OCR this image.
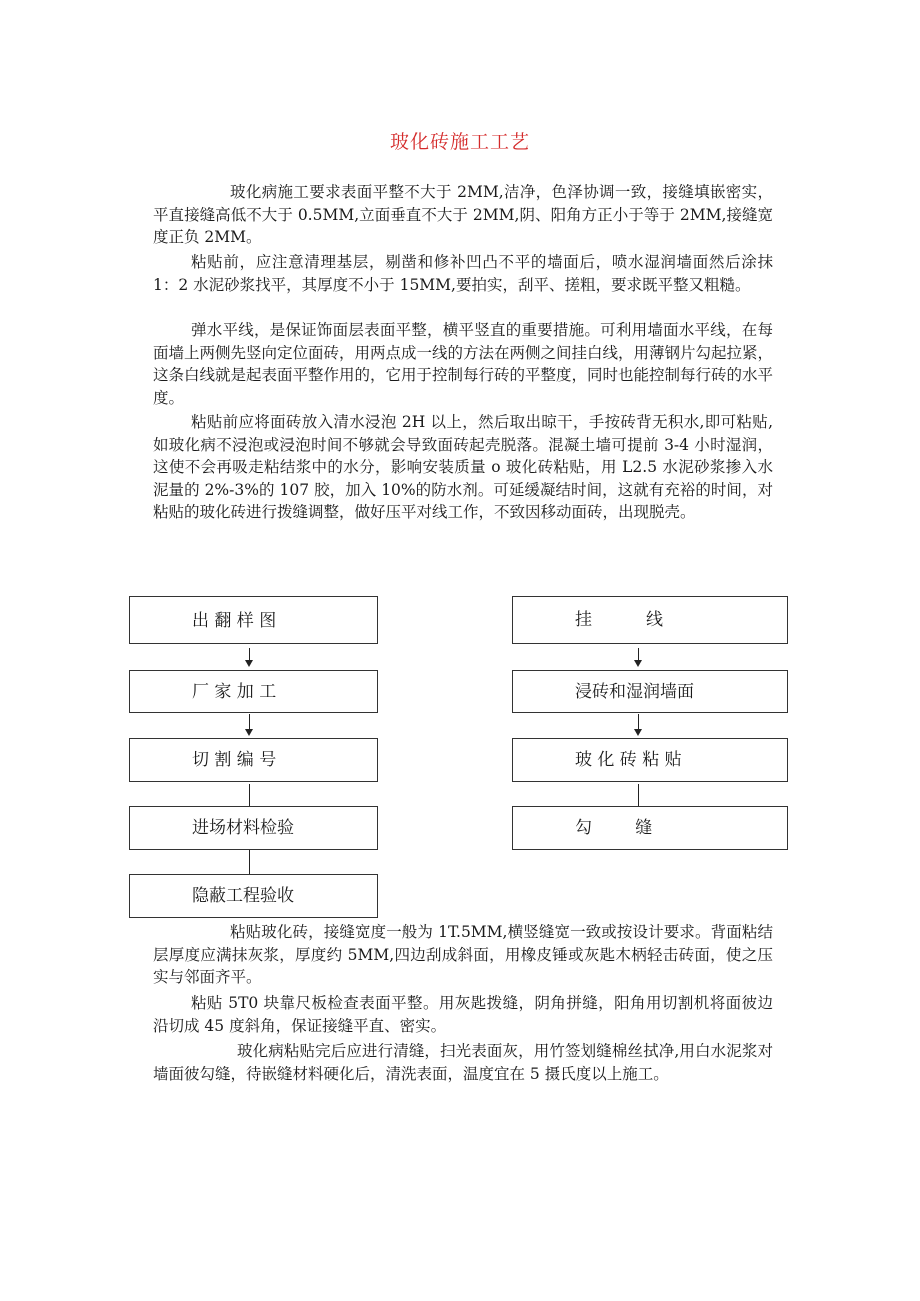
玻化砖施工工艺

玻化病施工要求表面平整不大于 2MM,洁净，色泽协调一致，接缝填嵌密实，平直接缝高低不大于 0.5MM,立面垂直不大于 2MM,阴、阳角方正小于等于 2MM,接缝宽度正负 2MM。

粘贴前，应注意清理基层，剔凿和修补凹凸不平的墙面后，喷水湿润墙面然后涂抹 1：2 水泥砂浆找平，其厚度不小于 15MM,要拍实，刮平、搓粗，要求既平整又粗糙。

弹水平线，是保证饰面层表面平整，横平竖直的重要措施。可利用墙面水平线，在每面墙上两侧先竖向定位面砖，用两点成一线的方法在两侧之间挂白线，用薄钢片勾起拉紧，这条白线就是起表面平整作用的，它用于控制每行砖的平整度，同时也能控制每行砖的水平度。

粘贴前应将面砖放入清水浸泡 2H 以上，然后取出晾干，手按砖背无积水,即可粘贴,如玻化病不浸泡或浸泡时间不够就会导致面砖起壳脱落。混凝土墙可提前 3-4 小时湿润，这使不会再吸走粘结浆中的水分，影响安装质量 o 玻化砖粘贴，用 L2.5 水泥砂浆掺入水泥量的 2%-3%的 107 胶，加入 10%的防水剂。可延缓凝结时间，这就有充裕的时间，对粘贴的玻化砖进行拨缝调整，做好压平对线工作，不致因移动面砖，出现脱壳。

出 翻 样 图
厂 家 加 工
切 割 编 号
进场材料检验
隐蔽工程验收
挂          线
浸砖和湿润墙面
玻 化 砖 粘 贴
勾        缝

粘贴玻化砖，接缝宽度一般为 1T.5MM,横竖缝宽一致或按设计要求。背面粘结层厚度应满抹灰浆，厚度约 5MM,四边刮成斜面，用橡皮锤或灰匙木柄轻击砖面，使之压实与邻面齐平。

粘贴 5T0 块靠尺板检查表面平整。用灰匙拨缝，阴角拼缝，阳角用切割机将面彼边沿切成 45 度斜角，保证接缝平直、密实。

玻化病粘贴完后应进行清缝，扫光表面灰，用竹签划缝棉丝拭净,用白水泥浆对墙面彼勾缝，待嵌缝材料硬化后，清洗表面，温度宜在 5 摄氏度以上施工。
